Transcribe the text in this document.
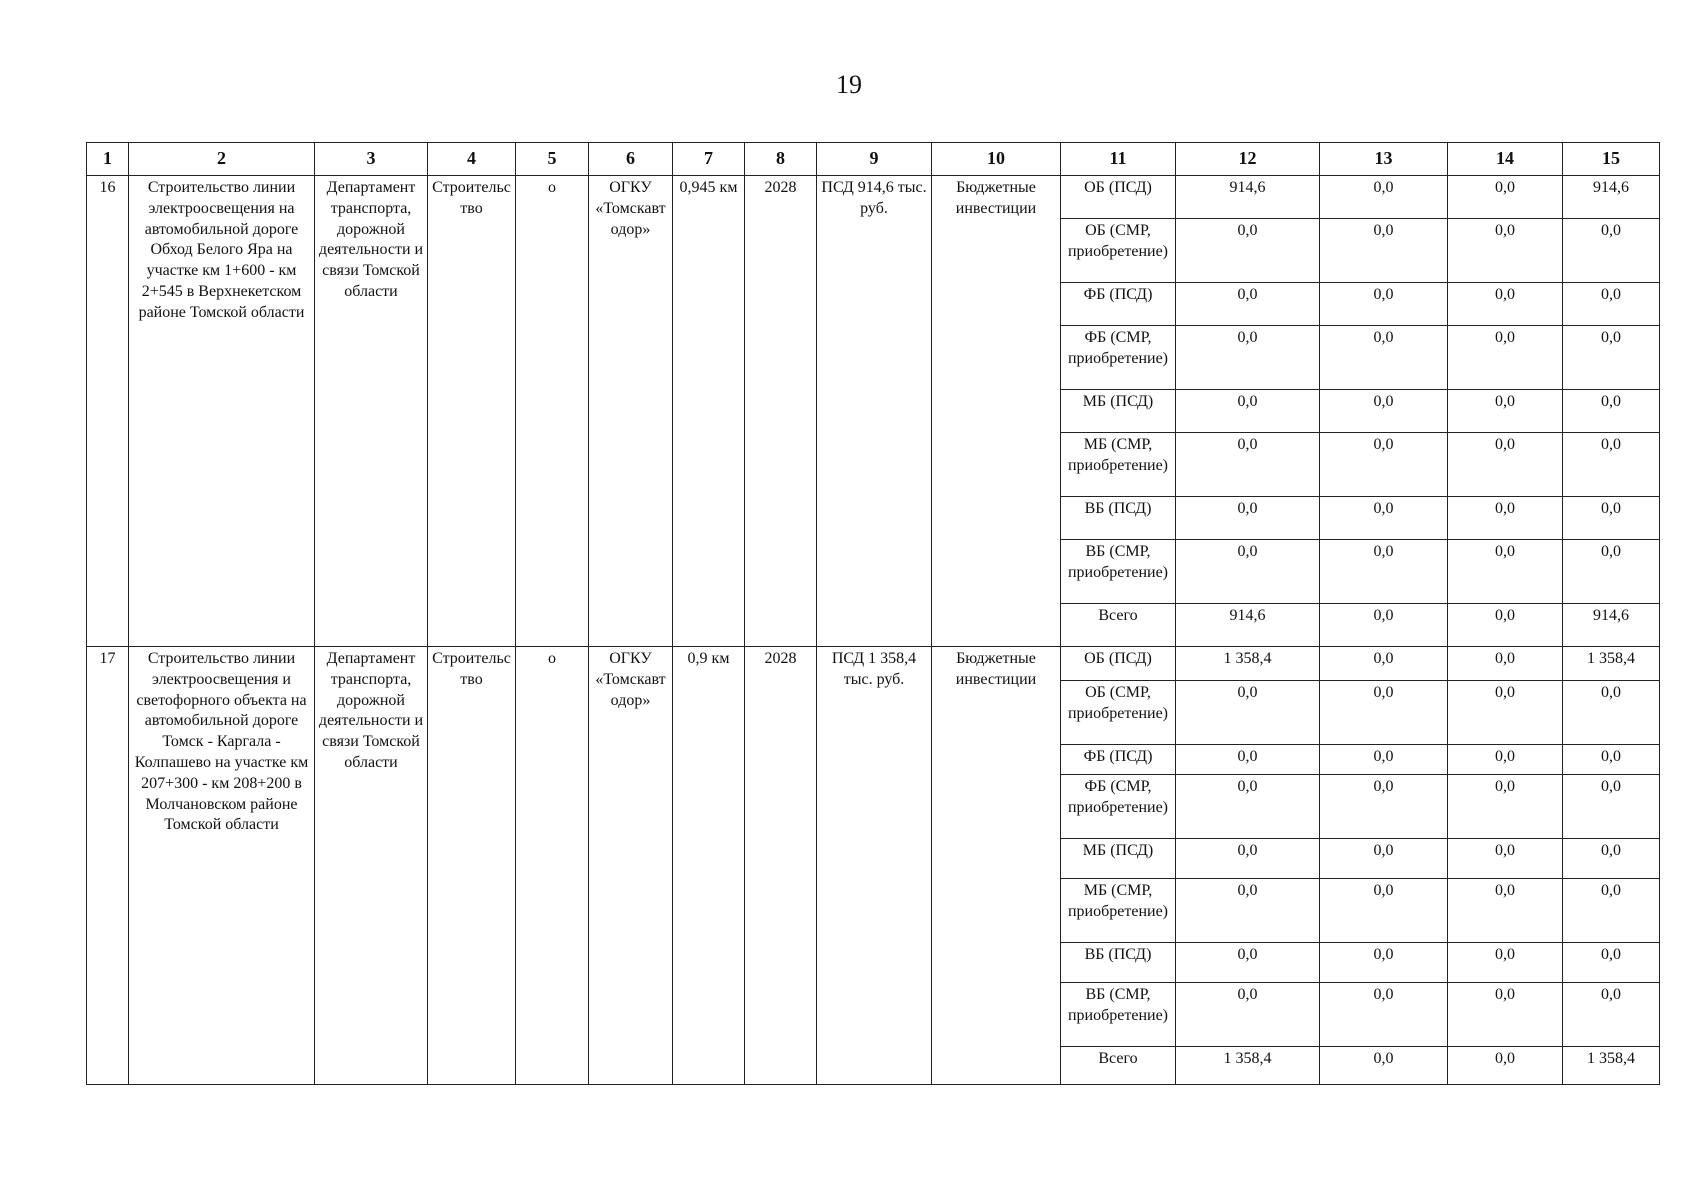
19
1	2	3	4	5	6	7	8	9	10	11	12	13	14	15
16	Строительство линии электроосвещения на автомобильной дороге Обход Белого Яра на участке км 1+600 - км 2+545 в Верхнекетском районе Томской области	Департамент транспорта, дорожной деятельности и связи Томской области	Строительство	о	ОГКУ «Томскавтодор»	0,945 км	2028	ПСД 914,6 тыс. руб.	Бюджетные инвестиции	ОБ (ПСД)	914,6	0,0	0,0	914,6
										ОБ (СМР, приобретение)	0,0	0,0	0,0	0,0
										ФБ (ПСД)	0,0	0,0	0,0	0,0
										ФБ (СМР, приобретение)	0,0	0,0	0,0	0,0
										МБ (ПСД)	0,0	0,0	0,0	0,0
										МБ (СМР, приобретение)	0,0	0,0	0,0	0,0
										ВБ (ПСД)	0,0	0,0	0,0	0,0
										ВБ (СМР, приобретение)	0,0	0,0	0,0	0,0
										Всего	914,6	0,0	0,0	914,6
17	Строительство линии электроосвещения и светофорного объекта на автомобильной дороге Томск - Каргала - Колпашево на участке км 207+300 - км 208+200 в Молчановском районе Томской области	Департамент транспорта, дорожной деятельности и связи Томской области	Строительство	о	ОГКУ «Томскавтодор»	0,9 км	2028	ПСД 1 358,4 тыс. руб.	Бюджетные инвестиции	ОБ (ПСД)	1 358,4	0,0	0,0	1 358,4
										ОБ (СМР, приобретение)	0,0	0,0	0,0	0,0
										ФБ (ПСД)	0,0	0,0	0,0	0,0
										ФБ (СМР, приобретение)	0,0	0,0	0,0	0,0
										МБ (ПСД)	0,0	0,0	0,0	0,0
										МБ (СМР, приобретение)	0,0	0,0	0,0	0,0
										ВБ (ПСД)	0,0	0,0	0,0	0,0
										ВБ (СМР, приобретение)	0,0	0,0	0,0	0,0
										Всего	1 358,4	0,0	0,0	1 358,4
